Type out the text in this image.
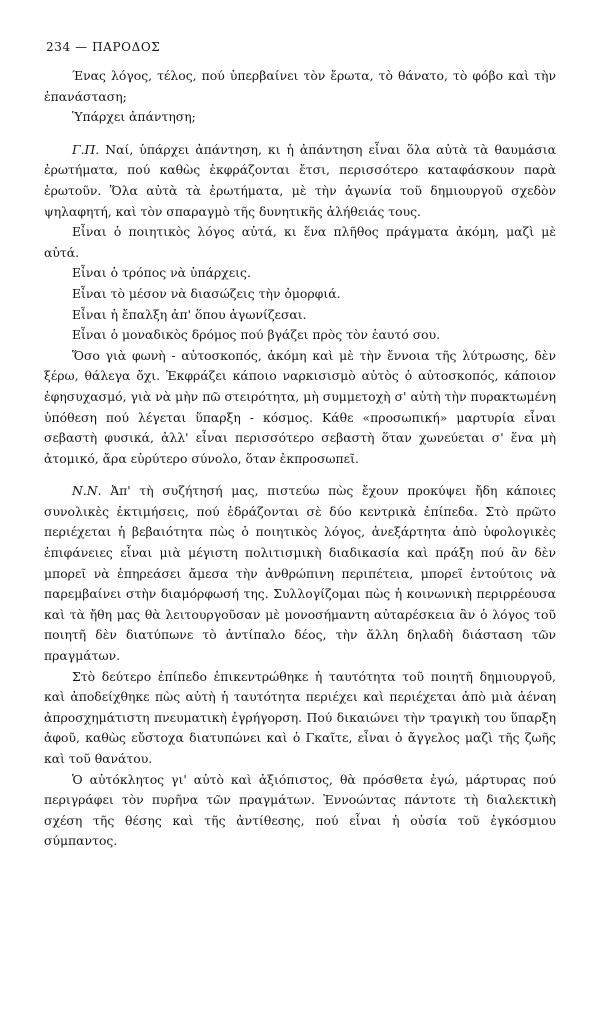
234 — ΠΑΡΟΔΟΣ

Ένας λόγος, τέλος, πού ὑπερβαίνει τὸν ἔρωτα, τὸ θάνατο, τὸ φόβο καὶ τὴν ἐπανάσταση;

Ὑπάρχει ἀπάντηση;

Γ.Π. Ναί, ὑπάρχει ἀπάντηση, κι ἡ ἀπάντηση εἶναι ὅλα αὐτὰ τὰ θαυμάσια ἐρωτήματα, πού καθὼς ἐκφράζονται ἔτσι, περισσότερο καταφάσκουν παρὰ ἐρωτοῦν. Ὅλα αὐτὰ τὰ ἐρωτήματα, μὲ τὴν ἀγωνία τοῦ δημιουργοῦ σχεδὸν ψηλαφητή, καὶ τὸν σπαραγμὸ τῆς δυνητικῆς ἀλήθειάς τους.

Εἶναι ὁ ποιητικὸς λόγος αὐτά, κι ἕνα πλῆθος πράγματα ἀκόμη, μαζὶ μὲ αὐτά.

Εἶναι ὁ τρόπος νὰ ὑπάρχεις.

Εἶναι τὸ μέσον νὰ διασώζεις τὴν ὀμορφιά.

Εἶναι ἡ ἔπαλξη ἀπ' ὅπου ἀγωνίζεσαι.

Εἶναι ὁ μοναδικὸς δρόμος πού βγάζει πρὸς τὸν ἑαυτό σου.

Ὅσο γιὰ φωνὴ - αὐτοσκοπός, ἀκόμη καὶ μὲ τὴν ἔννοια τῆς λύτρωσης, δὲν ξέρω, θάλεγα ὄχι. Ἐκφράζει κάποιο ναρκισισμὸ αὐτὸς ὁ αὐτοσκοπός, κάποιον ἐφησυχασμό, γιὰ νὰ μὴν πῶ στειρότητα, μὴ συμμετοχὴ σ' αὐτὴ τὴν πυρακτωμένη ὑπόθεση πού λέγεται ὕπαρξη - κόσμος. Κάθε «προσωπική» μαρτυρία εἶναι σεβαστὴ φυσικά, ἀλλ' εἶναι περισσότερο σεβαστὴ ὅταν χωνεύεται σ' ἕνα μὴ ἀτομικό, ἄρα εὐρύτερο σύνολο, ὅταν ἐκπροσωπεῖ.

Ν.Ν. Ἀπ' τὴ συζήτησή μας, πιστεύω πὼς ἔχουν προκύψει ἤδη κάποιες συνολικὲς ἐκτιμήσεις, πού ἑδράζονται σὲ δύο κεντρικὰ ἐπίπεδα. Στὸ πρῶτο περιέχεται ἡ βεβαιότητα πὼς ὁ ποιητικὸς λόγος, ἀνεξάρτητα ἀπὸ ὑφολογικὲς ἐπιφάνειες εἶναι μιὰ μέγιστη πολιτισμικὴ διαδικασία καὶ πράξη πού ἂν δὲν μπορεῖ νὰ ἐπηρεάσει ἄμεσα τὴν ἀνθρώπινη περιπέτεια, μπορεῖ ἐντούτοις νὰ παρεμβαίνει στὴν διαμόρφωσή της. Συλλογίζομαι πὼς ἡ κοινωνικὴ περιρρέουσα καὶ τὰ ἤθη μας θὰ λειτουργοῦσαν μὲ μονοσήμαντη αὐταρέσκεια ἂν ὁ λόγος τοῦ ποιητῆ δὲν διατύπωνε τὸ ἀντίπαλο δέος, τὴν ἄλλη δηλαδὴ διάσταση τῶν πραγμάτων.

Στὸ δεύτερο ἐπίπεδο ἐπικεντρώθηκε ἡ ταυτότητα τοῦ ποιητῆ δημιουργοῦ, καὶ ἀποδείχθηκε πὼς αὐτὴ ἡ ταυτότητα περιέχει καὶ περιέχεται ἀπὸ μιὰ ἀέναη ἀπροσχημάτιστη πνευματικὴ ἐγρήγορση. Πού δικαιώνει τὴν τραγικὴ του ὕπαρξη ἀφοῦ, καθὼς εὔστοχα διατυπώνει καὶ ὁ Γκαῖτε, εἶναι ὁ ἄγγελος μαζὶ τῆς ζωῆς καὶ τοῦ θανάτου.

Ὁ αὐτόκλητος γι' αὐτὸ καὶ ἀξιόπιστος, θὰ πρόσθετα ἐγώ, μάρτυρας πού περιγράφει τὸν πυρῆνα τῶν πραγμάτων. Ἐννοώντας πάντοτε τὴ διαλεκτικὴ σχέση τῆς θέσης καὶ τῆς ἀντίθεσης, πού εἶναι ἡ οὐσία τοῦ ἐγκόσμιου σύμπαντος.
